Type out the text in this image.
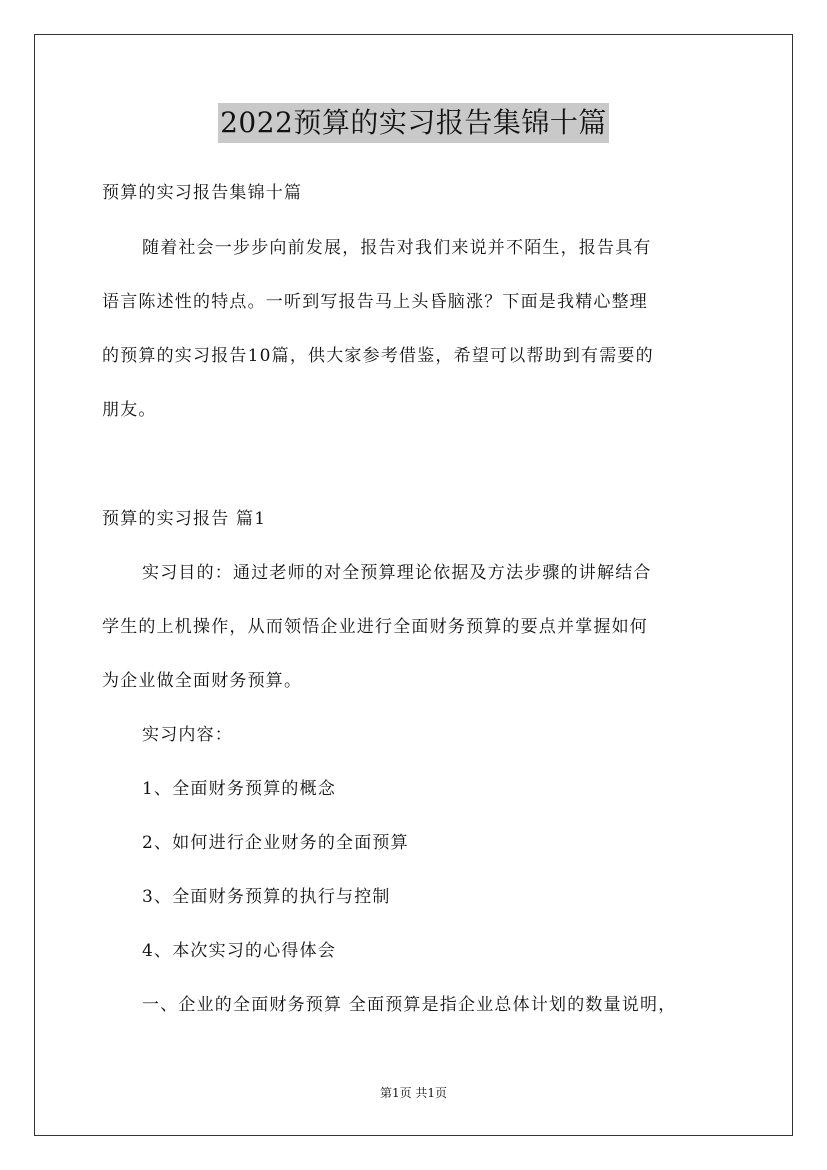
2022预算的实习报告集锦十篇
预算的实习报告集锦十篇
随着社会一步步向前发展，报告对我们来说并不陌生，报告具有
语言陈述性的特点。一听到写报告马上头昏脑涨？下面是我精心整理
的预算的实习报告10篇，供大家参考借鉴，希望可以帮助到有需要的
朋友。
预算的实习报告 篇1
实习目的：通过老师的对全预算理论依据及方法步骤的讲解结合
学生的上机操作，从而领悟企业进行全面财务预算的要点并掌握如何
为企业做全面财务预算。
实习内容：
1、全面财务预算的概念
2、如何进行企业财务的全面预算
3、全面财务预算的执行与控制
4、本次实习的心得体会
一、企业的全面财务预算 全面预算是指企业总体计划的数量说明，
第1页 共1页
